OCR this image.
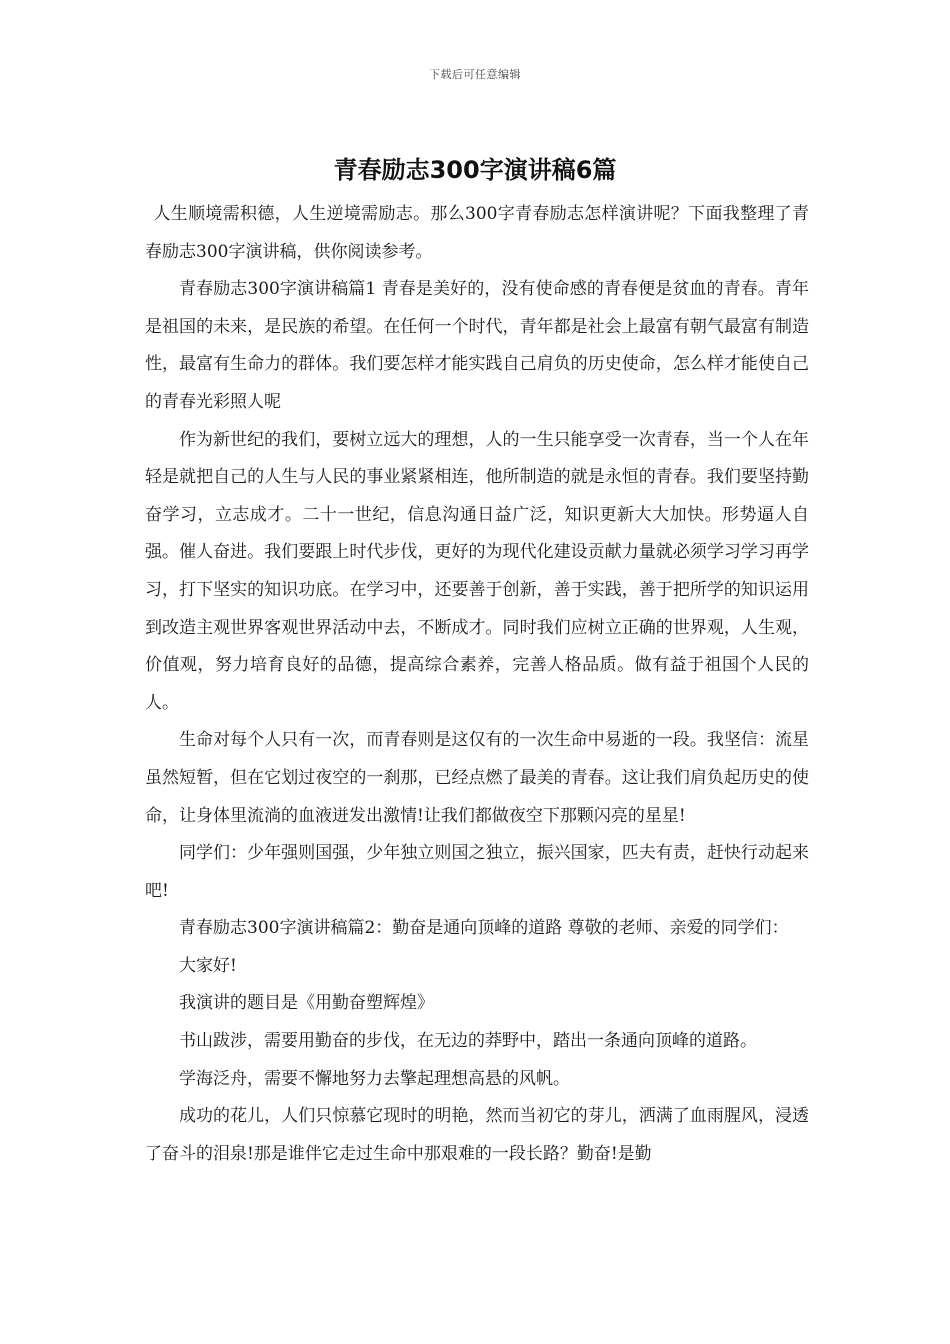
下载后可任意编辑
青春励志300字演讲稿6篇

人生顺境需积德，人生逆境需励志。那么300字青春励志怎样演讲呢？下面我整理了青春励志300字演讲稿，供你阅读参考。

青春励志300字演讲稿篇1 青春是美好的，没有使命感的青春便是贫血的青春。青年是祖国的未来，是民族的希望。在任何一个时代，青年都是社会上最富有朝气最富有制造性，最富有生命力的群体。我们要怎样才能实践自己肩负的历史使命，怎么样才能使自己的青春光彩照人呢

作为新世纪的我们，要树立远大的理想，人的一生只能享受一次青春，当一个人在年轻是就把自己的人生与人民的事业紧紧相连，他所制造的就是永恒的青春。我们要坚持勤奋学习，立志成才。二十一世纪，信息沟通日益广泛，知识更新大大加快。形势逼人自强。催人奋进。我们要跟上时代步伐，更好的为现代化建设贡献力量就必须学习学习再学习，打下坚实的知识功底。在学习中，还要善于创新，善于实践，善于把所学的知识运用到改造主观世界客观世界活动中去，不断成才。同时我们应树立正确的世界观，人生观，价值观，努力培育良好的品德，提高综合素养，完善人格品质。做有益于祖国个人民的人。

生命对每个人只有一次，而青春则是这仅有的一次生命中易逝的一段。我坚信：流星虽然短暂，但在它划过夜空的一刹那，已经点燃了最美的青春。这让我们肩负起历史的使命，让身体里流淌的血液迸发出激情!让我们都做夜空下那颗闪亮的星星!

同学们：少年强则国强，少年独立则国之独立，振兴国家，匹夫有责，赶快行动起来吧!

青春励志300字演讲稿篇2：勤奋是通向顶峰的道路 尊敬的老师、亲爱的同学们：

大家好!

我演讲的题目是《用勤奋塑辉煌》

书山跋涉，需要用勤奋的步伐，在无边的莽野中，踏出一条通向顶峰的道路。

学海泛舟，需要不懈地努力去擎起理想高悬的风帆。

成功的花儿，人们只惊慕它现时的明艳，然而当初它的芽儿，洒满了血雨腥风，浸透了奋斗的泪泉!那是谁伴它走过生命中那艰难的一段长路？勤奋!是勤
